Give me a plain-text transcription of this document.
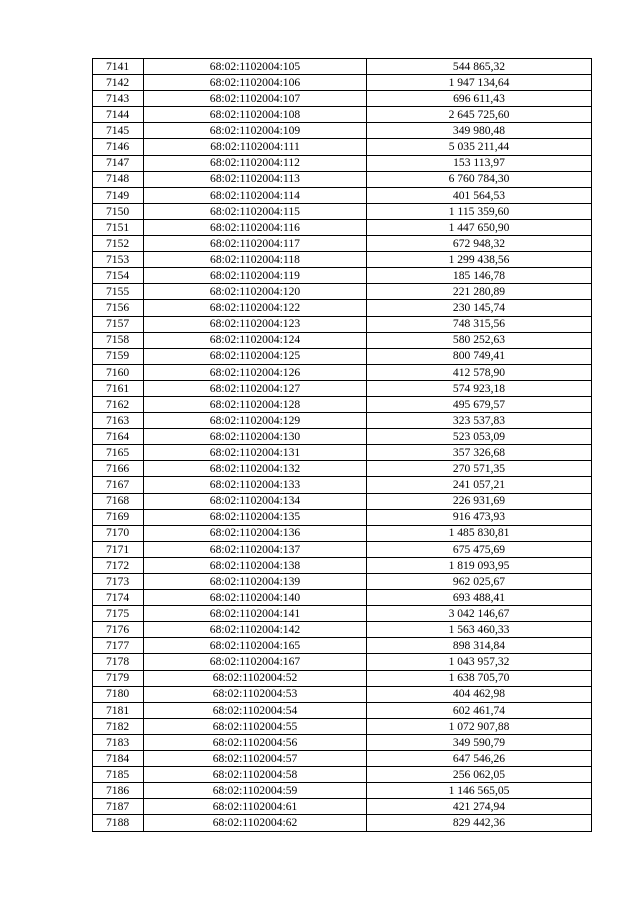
7141	68:02:1102004:105	544 865,32
7142	68:02:1102004:106	1 947 134,64
7143	68:02:1102004:107	696 611,43
7144	68:02:1102004:108	2 645 725,60
7145	68:02:1102004:109	349 980,48
7146	68:02:1102004:111	5 035 211,44
7147	68:02:1102004:112	153 113,97
7148	68:02:1102004:113	6 760 784,30
7149	68:02:1102004:114	401 564,53
7150	68:02:1102004:115	1 115 359,60
7151	68:02:1102004:116	1 447 650,90
7152	68:02:1102004:117	672 948,32
7153	68:02:1102004:118	1 299 438,56
7154	68:02:1102004:119	185 146,78
7155	68:02:1102004:120	221 280,89
7156	68:02:1102004:122	230 145,74
7157	68:02:1102004:123	748 315,56
7158	68:02:1102004:124	580 252,63
7159	68:02:1102004:125	800 749,41
7160	68:02:1102004:126	412 578,90
7161	68:02:1102004:127	574 923,18
7162	68:02:1102004:128	495 679,57
7163	68:02:1102004:129	323 537,83
7164	68:02:1102004:130	523 053,09
7165	68:02:1102004:131	357 326,68
7166	68:02:1102004:132	270 571,35
7167	68:02:1102004:133	241 057,21
7168	68:02:1102004:134	226 931,69
7169	68:02:1102004:135	916 473,93
7170	68:02:1102004:136	1 485 830,81
7171	68:02:1102004:137	675 475,69
7172	68:02:1102004:138	1 819 093,95
7173	68:02:1102004:139	962 025,67
7174	68:02:1102004:140	693 488,41
7175	68:02:1102004:141	3 042 146,67
7176	68:02:1102004:142	1 563 460,33
7177	68:02:1102004:165	898 314,84
7178	68:02:1102004:167	1 043 957,32
7179	68:02:1102004:52	1 638 705,70
7180	68:02:1102004:53	404 462,98
7181	68:02:1102004:54	602 461,74
7182	68:02:1102004:55	1 072 907,88
7183	68:02:1102004:56	349 590,79
7184	68:02:1102004:57	647 546,26
7185	68:02:1102004:58	256 062,05
7186	68:02:1102004:59	1 146 565,05
7187	68:02:1102004:61	421 274,94
7188	68:02:1102004:62	829 442,36
